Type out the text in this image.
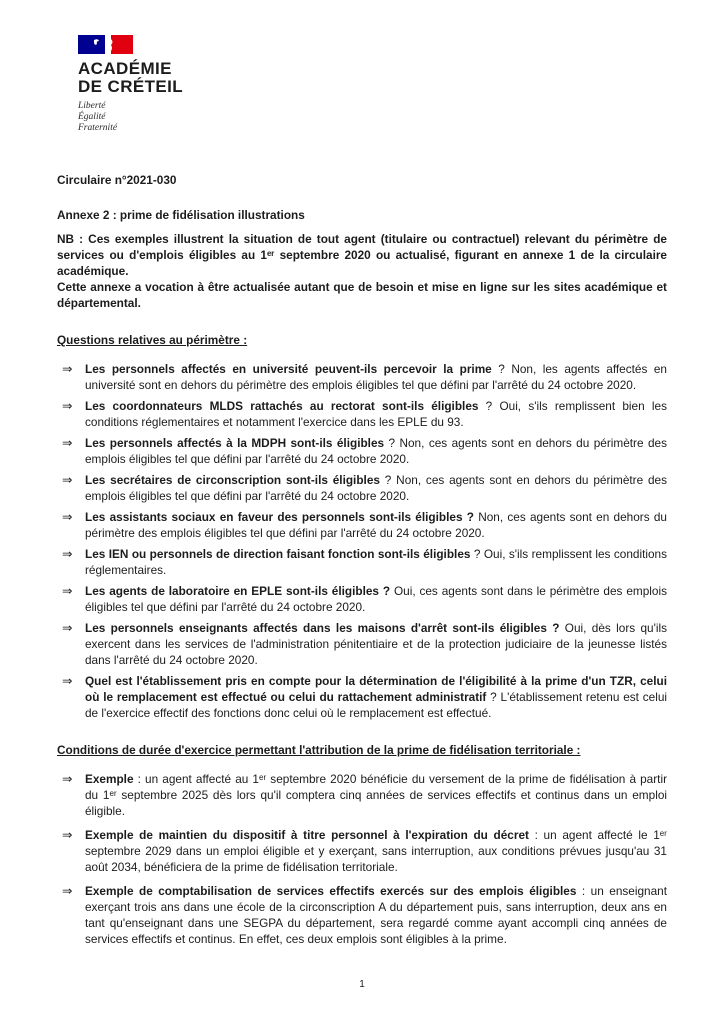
ACADÉMIE
DE CRÉTEIL
Liberté
Égalité
Fraternité

Circulaire n°2021-030

Annexe 2 : prime de fidélisation illustrations

NB : Ces exemples illustrent la situation de tout agent (titulaire ou contractuel) relevant du périmètre de services ou d'emplois éligibles au 1ᵉʳ septembre 2020 ou actualisé, figurant en annexe 1 de la circulaire académique.
Cette annexe a vocation à être actualisée autant que de besoin et mise en ligne sur les sites académique et départemental.
Questions relatives au périmètre :
⇒	Les personnels affectés en université peuvent-ils percevoir la prime ? Non, les agents affectés en université sont en dehors du périmètre des emplois éligibles tel que défini par l'arrêté du 24 octobre 2020.

⇒	Les coordonnateurs MLDS rattachés au rectorat sont-ils éligibles ? Oui, s'ils remplissent bien les conditions réglementaires et notamment l'exercice dans les EPLE du 93.

⇒	Les personnels affectés à la MDPH sont-ils éligibles ? Non, ces agents sont en dehors du périmètre des emplois éligibles tel que défini par l'arrêté du 24 octobre 2020.

⇒	Les secrétaires de circonscription sont-ils éligibles ? Non, ces agents sont en dehors du périmètre des emplois éligibles tel que défini par l'arrêté du 24 octobre 2020.

⇒	Les assistants sociaux en faveur des personnels sont-ils éligibles ? Non, ces agents sont en dehors du périmètre des emplois éligibles tel que défini par l'arrêté du 24 octobre 2020.

⇒	Les IEN ou personnels de direction faisant fonction sont-ils éligibles ? Oui, s'ils remplissent les conditions réglementaires.

⇒	Les agents de laboratoire en EPLE sont-ils éligibles ? Oui, ces agents sont dans le périmètre des emplois éligibles tel que défini par l'arrêté du 24 octobre 2020.

⇒	Les personnels enseignants affectés dans les maisons d'arrêt sont-ils éligibles ? Oui, dès lors qu'ils exercent dans les services de l'administration pénitentiaire et de la protection judiciaire de la jeunesse listés dans l'arrêté du 24 octobre 2020.

⇒	Quel est l'établissement pris en compte pour la détermination de l'éligibilité à la prime d'un TZR, celui où le remplacement est effectué ou celui du rattachement administratif ? L'établissement retenu est celui de l'exercice effectif des fonctions donc celui où le remplacement est effectué.

Conditions de durée d'exercice permettant l'attribution de la prime de fidélisation territoriale :
⇒	Exemple : un agent affecté au 1ᵉʳ septembre 2020 bénéficie du versement de la prime de fidélisation à partir du 1ᵉʳ septembre 2025 dès lors qu'il comptera cinq années de services effectifs et continus dans un emploi éligible.

⇒	Exemple de maintien du dispositif à titre personnel à l'expiration du décret : un agent affecté le 1ᵉʳ septembre 2029 dans un emploi éligible et y exerçant, sans interruption, aux conditions prévues jusqu'au 31 août 2034, bénéficiera de la prime de fidélisation territoriale.

⇒	Exemple de comptabilisation de services effectifs exercés sur des emplois éligibles : un enseignant exerçant trois ans dans une école de la circonscription A du département puis, sans interruption, deux ans en tant qu'enseignant dans une SEGPA du département, sera regardé comme ayant accompli cinq années de services effectifs et continus. En effet, ces deux emplois sont éligibles à la prime.

1
